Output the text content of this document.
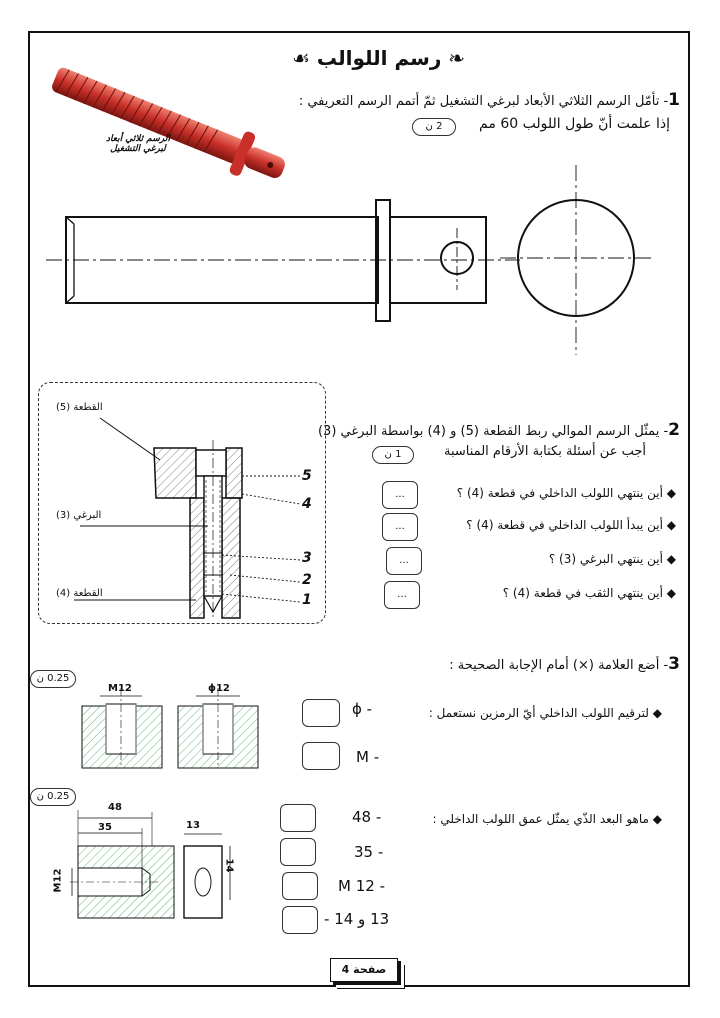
❧ رسم اللوالب ☙
1- تأمّل الرسم الثلاثي الأبعاد لبرغي التشغيل ثمّ أتمم الرسم التعريفي :
إذا علمت أنّ طول اللولب 60 مم
2 ن
الرسم ثلاثي أبعاد
لبرغي التشغيل
القطعة (5)
البرغي (3)
القطعة (4)
5
4
3
2
1
2- يمثّل الرسم الموالي ربط القطعة (5) و (4) بواسطة البرغي (3)
أجب عن أسئلة بكتابة الأرقام المناسبة
1 ن
◆ أين ينتهي اللولب الداخلي في قطعة (4) ؟
...
◆ أين يبدأ اللولب الداخلي في قطعة (4) ؟
...
◆ أين ينتهي البرغي (3) ؟
...
◆ أين ينتهي الثقب في قطعة (4) ؟
...
3- أضع العلامة (×) أمام الإجابة الصحيحة :
0.25 ن
M12	ϕ12
◆ لترقيم اللولب الداخلي أيّ الرمزين نستعمل :
ϕ -
M -
0.25 ن
48
35	13
14
M12
◆ ماهو البعد الذّي يمثّل عمق اللولب الداخلي :
48 -
35 -
M 12 -
13 و 14 -
صفحة 4
